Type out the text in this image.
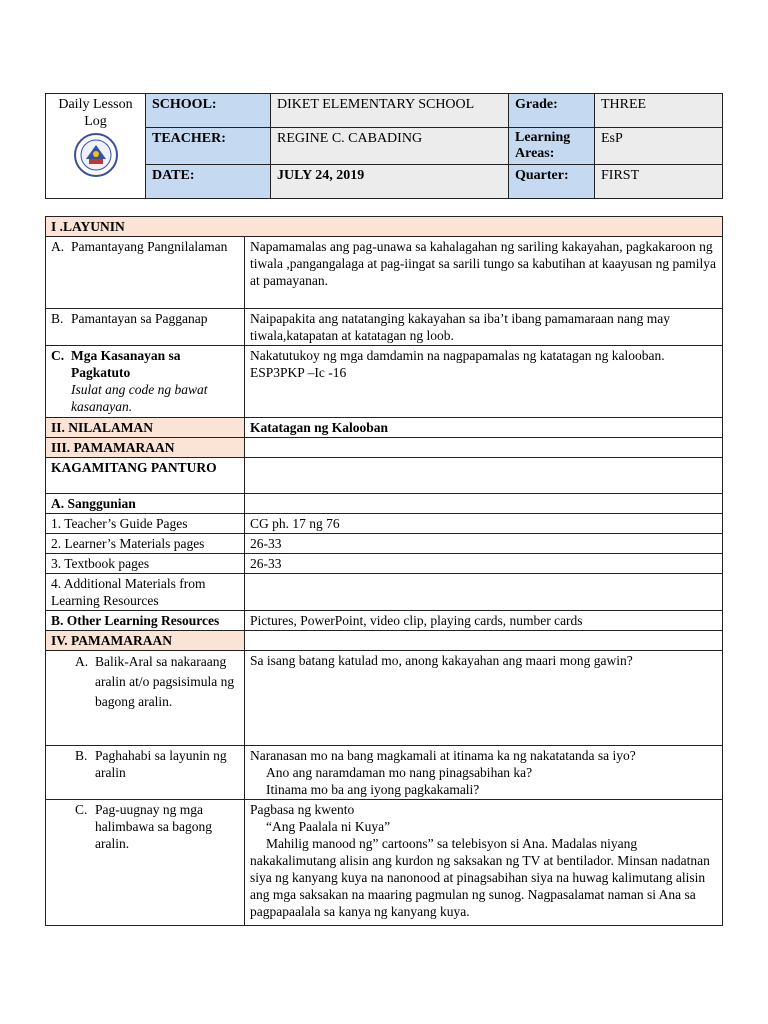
Daily Lesson Log	SCHOOL:	DIKET ELEMENTARY SCHOOL	Grade:	THREE
	TEACHER:	REGINE C. CABADING	Learning Areas:	EsP
	DATE:	JULY 24, 2019	Quarter:	FIRST
I .LAYUNIN	

A. Pamantayang Pangnilalaman	Napamamalas ang pag-unawa sa kahalagahan ng sariling kakayahan, pagkakaroon ng tiwala ,pangangalaga at pag-iingat sa sarili tungo sa kabutihan at kaayusan ng pamilya at pamayanan.

B. Pamantayan sa Pagganap	Naipapakita ang natatanging kakayahan sa iba’t ibang pamamaraan nang may tiwala,katapatan at katatagan ng loob.

C. Mga Kasanayan sa Pagkatuto
Isulat ang code ng bawat kasanayan.	Nakatutukoy ng mga damdamin na nagpapamalas ng katatagan ng kalooban.
ESP3PKP –Ic -16

II. NILALAMAN	Katatagan ng Kalooban
III. PAMAMARAAN	
KAGAMITANG PANTURO	
A. Sanggunian	
1. Teacher’s Guide Pages	CG ph. 17 ng 76
2. Learner’s Materials pages	26-33
3. Textbook pages	26-33
4. Additional Materials from Learning Resources	
B. Other Learning Resources	Pictures, PowerPoint, video clip, playing cards, number cards
IV. PAMAMARAAN	

A. Balik-Aral sa nakaraang aralin at/o pagsisimula ng bagong aralin.	Sa isang batang katulad mo, anong kakayahan ang maari mong gawin?

B. Paghahabi sa layunin ng aralin	Naranasan mo na bang magkamali at itinama ka ng nakatatanda sa iyo?
Ano ang naramdaman mo nang pinagsabihan ka?
Itinama mo ba ang iyong pagkakamali?

C. Pag-uugnay ng mga halimbawa sa bagong aralin.	Pagbasa ng kwento
“Ang Paalala ni Kuya”
Mahilig manood ng” cartoons” sa telebisyon si Ana. Madalas niyang nakakalimutang alisin ang kurdon ng saksakan ng TV at bentilador. Minsan nadatnan siya ng kanyang kuya na nanonood at pinagsabihan siya na huwag kalimutang alisin ang mga saksakan na maaring pagmulan ng sunog. Nagpasalamat naman si Ana sa pagpapaalala sa kanya ng kanyang kuya.
